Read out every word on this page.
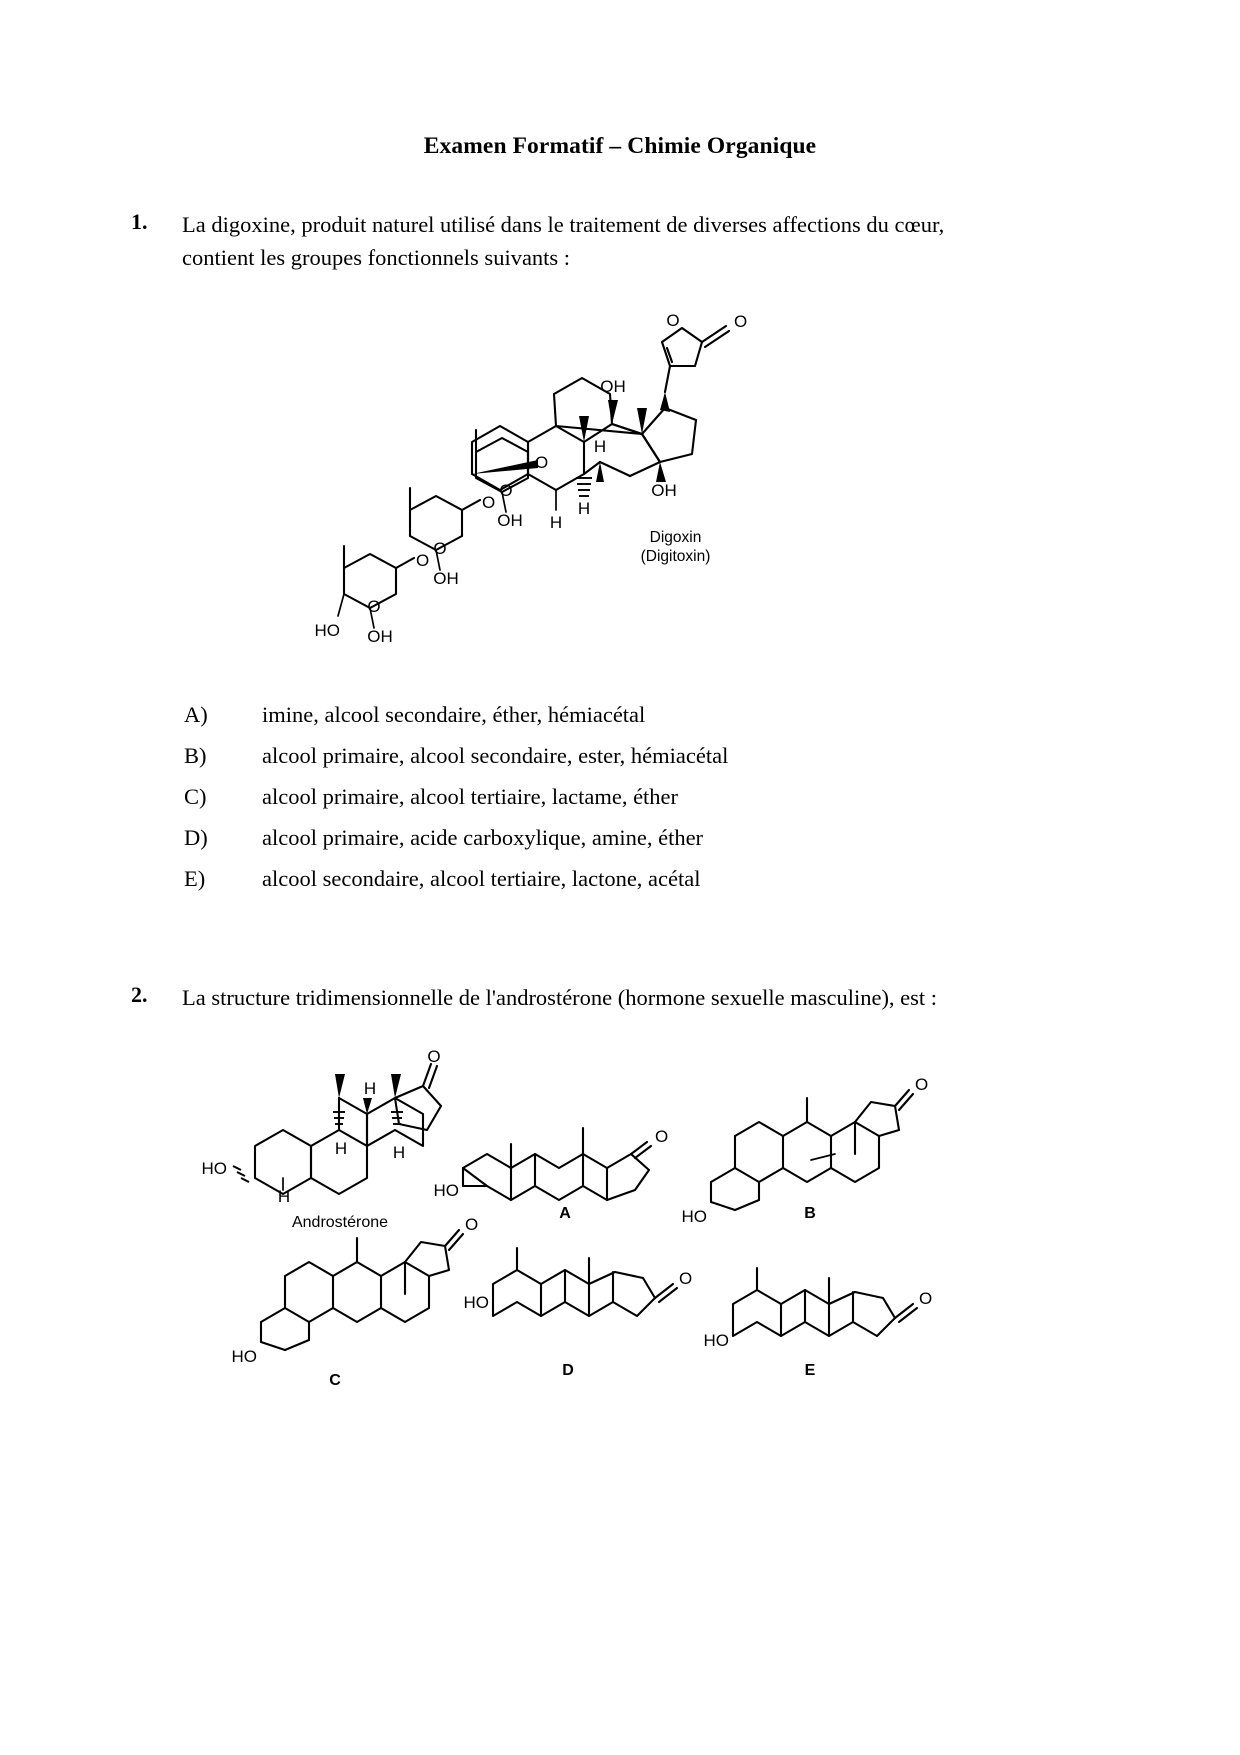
Examen Formatif – Chimie Organique
1. La digoxine, produit naturel utilisé dans le traitement de diverses affections du cœur, contient les groupes fonctionnels suivants :
O	O
OH
H
H
OH
H
O
O
OH
O
OH
O
O
OH
HO
O
Digoxin
(Digitoxin)
A) imine, alcool secondaire, éther, hémiacétal
B) alcool primaire, alcool secondaire, ester, hémiacétal
C) alcool primaire, alcool tertiaire, lactame, éther
D) alcool primaire, acide carboxylique, amine, éther
E)	alcool secondaire, alcool tertiaire, lactone, acétal
2. La structure tridimensionnelle de l'androstérone (hormone sexuelle masculine), est :
O
H
H	H
H
HO
O
HO
O
HO
O
HO
O
HO	O
HO
Androstérone
A	B
C
D	E
